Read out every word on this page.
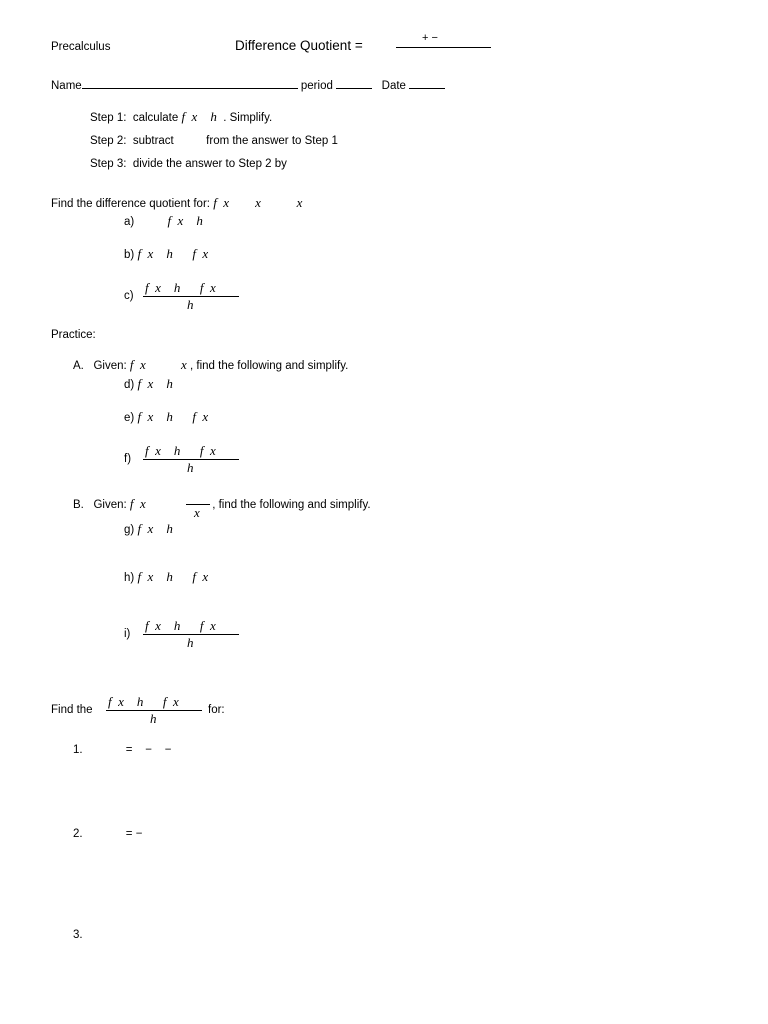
Precalculus	Difference Quotient =	+ −
Name	period	Date
Step 1: calculate f  x    h . Simplify.
Step 2: subtract	from the answer to Step 1
Step 3: divide the answer to Step 2 by
Find the difference quotient for: f  x        x           x
a)	f  x    h
b) f  x    h      f  x
c)
f  x    h      f  x
h
Practice:
A. Given: f  x	x , find the following and simplify.
d) f  x    h
e) f  x    h      f  x
f)
f  x    h      f  x
h
B. Given: f  x	, find the following and simplify.
x
g) f  x    h
h) f  x    h      f  x
i)
f  x    h      f  x
h
Find the
f  x    h      f  x
h
for:
1.	=    −    −
2.	= −
3.
